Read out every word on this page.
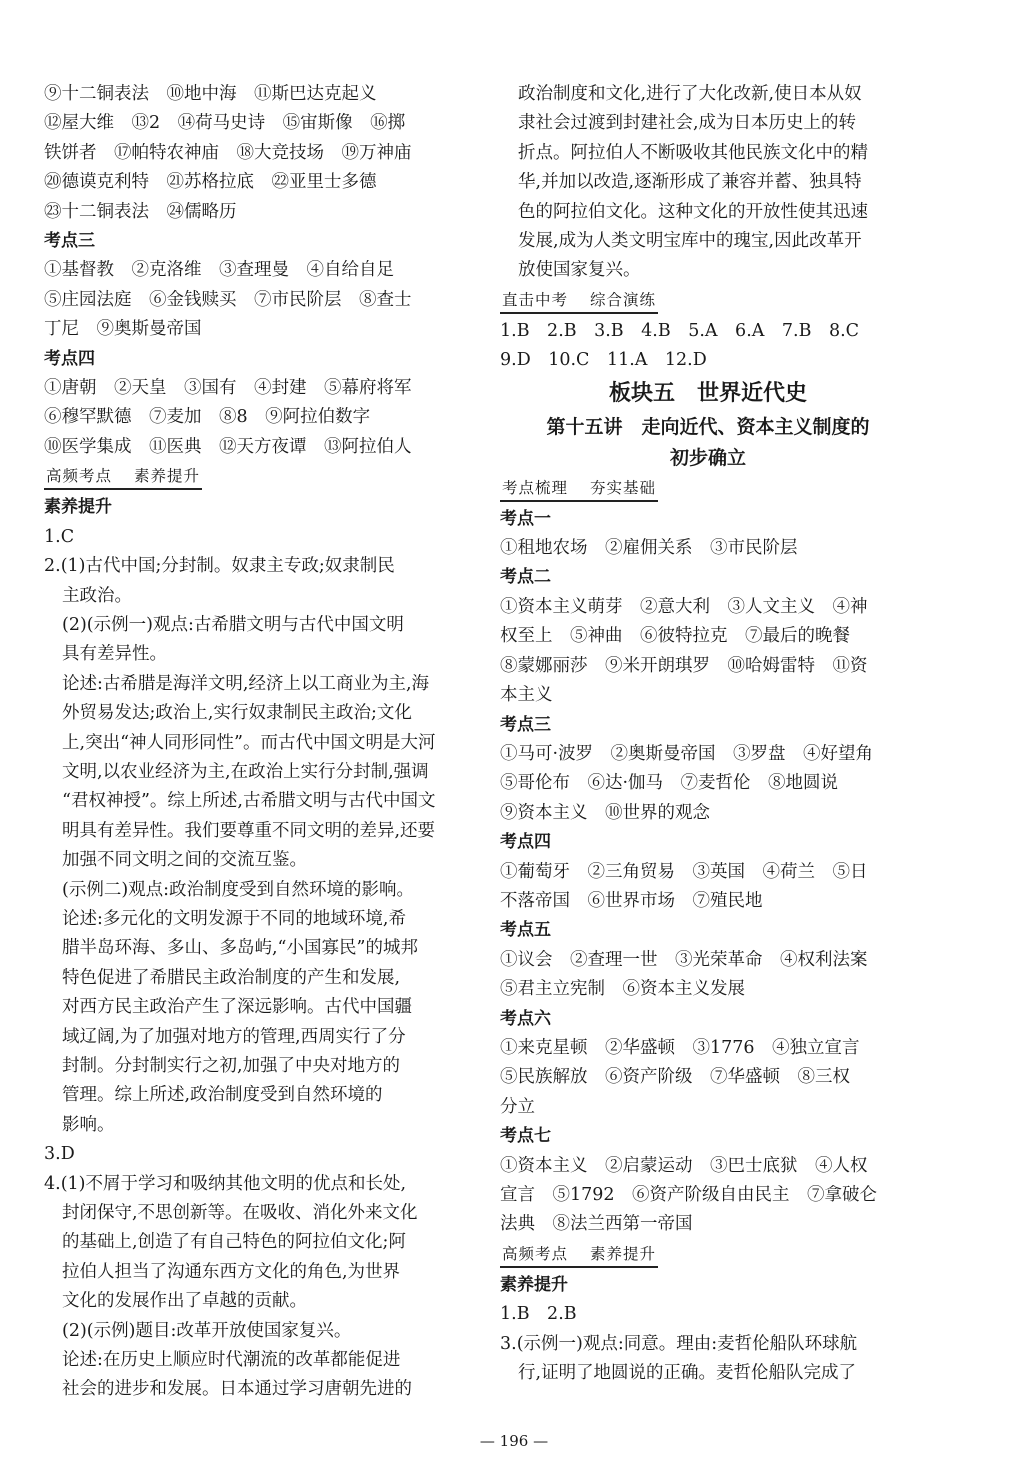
⑨十二铜表法　⑩地中海　⑪斯巴达克起义
⑫屋大维　⑬2　⑭荷马史诗　⑮宙斯像　⑯掷
铁饼者　⑰帕特农神庙　⑱大竞技场　⑲万神庙
⑳德谟克利特　㉑苏格拉底　㉒亚里士多德
㉓十二铜表法　㉔儒略历
考点三
①基督教　②克洛维　③查理曼　④自给自足
⑤庄园法庭　⑥金钱赎买　⑦市民阶层　⑧查士
丁尼　⑨奥斯曼帝国
考点四
①唐朝　②天皇　③国有　④封建　⑤幕府将军
⑥穆罕默德　⑦麦加　⑧8　⑨阿拉伯数字
⑩医学集成　⑪医典　⑫天方夜谭　⑬阿拉伯人
高频考点 素养提升
素养提升
1.C
2.(1)古代中国;分封制。奴隶主专政;奴隶制民
主政治。
(2)(示例一)观点:古希腊文明与古代中国文明
具有差异性。
论述:古希腊是海洋文明,经济上以工商业为主,海
外贸易发达;政治上,实行奴隶制民主政治;文化
上,突出“神人同形同性”。而古代中国文明是大河
文明,以农业经济为主,在政治上实行分封制,强调
“君权神授”。综上所述,古希腊文明与古代中国文
明具有差异性。我们要尊重不同文明的差异,还要
加强不同文明之间的交流互鉴。
(示例二)观点:政治制度受到自然环境的影响。
论述:多元化的文明发源于不同的地域环境,希
腊半岛环海、多山、多岛屿,“小国寡民”的城邦
特色促进了希腊民主政治制度的产生和发展,
对西方民主政治产生了深远影响。古代中国疆
域辽阔,为了加强对地方的管理,西周实行了分
封制。分封制实行之初,加强了中央对地方的
管理。综上所述,政治制度受到自然环境的
影响。
3.D
4.(1)不屑于学习和吸纳其他文明的优点和长处,
封闭保守,不思创新等。在吸收、消化外来文化
的基础上,创造了有自己特色的阿拉伯文化;阿
拉伯人担当了沟通东西方文化的角色,为世界
文化的发展作出了卓越的贡献。
(2)(示例)题目:改革开放使国家复兴。
论述:在历史上顺应时代潮流的改革都能促进
社会的进步和发展。日本通过学习唐朝先进的
政治制度和文化,进行了大化改新,使日本从奴
隶社会过渡到封建社会,成为日本历史上的转
折点。阿拉伯人不断吸收其他民族文化中的精
华,并加以改造,逐渐形成了兼容并蓄、独具特
色的阿拉伯文化。这种文化的开放性使其迅速
发展,成为人类文明宝库中的瑰宝,因此改革开
放使国家复兴。
直击中考 综合演练
1.B　2.B　3.B　4.B　5.A　6.A　7.B　8.C
9.D　10.C　11.A　12.D
板块五　世界近代史
第十五讲　走向近代、资本主义制度的
初步确立
考点梳理 夯实基础
考点一
①租地农场　②雇佣关系　③市民阶层
考点二
①资本主义萌芽　②意大利　③人文主义　④神
权至上　⑤神曲　⑥彼特拉克　⑦最后的晚餐
⑧蒙娜丽莎　⑨米开朗琪罗　⑩哈姆雷特　⑪资
本主义
考点三
①马可·波罗　②奥斯曼帝国　③罗盘　④好望角
⑤哥伦布　⑥达·伽马　⑦麦哲伦　⑧地圆说
⑨资本主义　⑩世界的观念
考点四
①葡萄牙　②三角贸易　③英国　④荷兰　⑤日
不落帝国　⑥世界市场　⑦殖民地
考点五
①议会　②查理一世　③光荣革命　④权利法案
⑤君主立宪制　⑥资本主义发展
考点六
①来克星顿　②华盛顿　③1776　④独立宣言
⑤民族解放　⑥资产阶级　⑦华盛顿　⑧三权
分立
考点七
①资本主义　②启蒙运动　③巴士底狱　④人权
宣言　⑤1792　⑥资产阶级自由民主　⑦拿破仑
法典　⑧法兰西第一帝国
高频考点 素养提升
素养提升
1.B　2.B
3.(示例一)观点:同意。理由:麦哲伦船队环球航
行,证明了地圆说的正确。麦哲伦船队完成了
— 196 —
